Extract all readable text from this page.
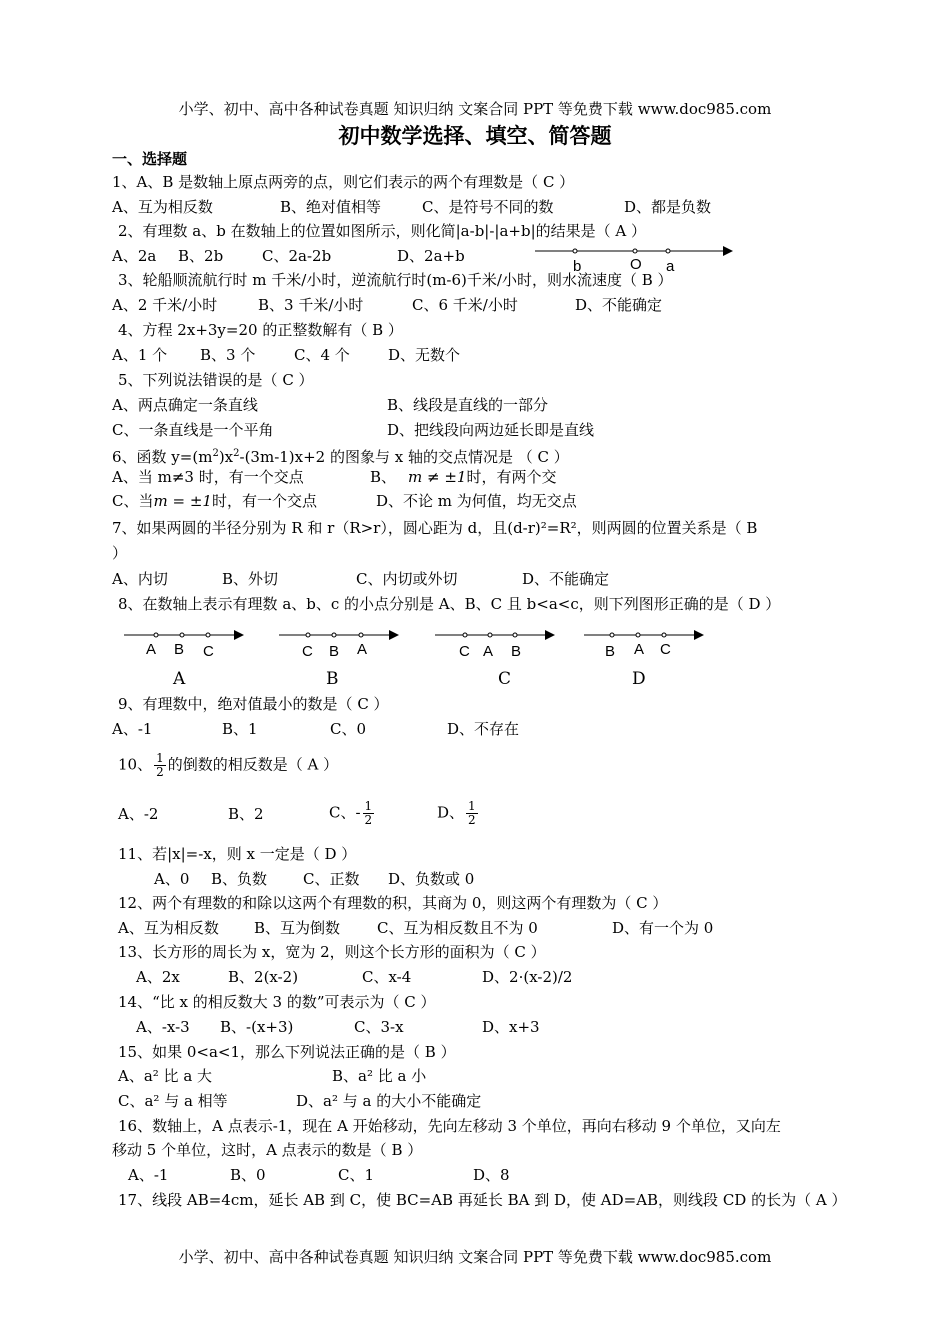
小学、初中、高中各种试卷真题 知识归纳 文案合同 PPT 等免费下载 www.doc985.com
初中数学选择、填空、简答题
一、选择题
1、A、B 是数轴上原点两旁的点，则它们表示的两个有理数是（ C ）
A、互为相反数	B、绝对值相等	C、是符号不同的数	D、都是负数
2、有理数 a、b 在数轴上的位置如图所示，则化简|a-b|-|a+b|的结果是（ A ）
A、2a B、2b	C、2a-2b	D、2a+b
b	O a
3、轮船顺流航行时 m 千米/小时，逆流航行时(m-6)千米/小时，则水流速度（ B ）
A、2 千米/小时	B、3 千米/小时	C、6 千米/小时	D、不能确定
4、方程 2x+3y=20 的正整数解有（ B ）
A、1 个 B、3 个	C、4 个	D、无数个
5、下列说法错误的是（ C ）
A、两点确定一条直线	B、线段是直线的一部分
C、一条直线是一个平角	D、把线段向两边延长即是直线
6、函数 $y=(m^2)x^2-(3m-1)x+2$ 的图象与 x 轴的交点情况是 （ C ）
A、当 m≠3 时，有一个交点	B、 m ≠ ±1时，有两个交
C、当m = ±1时，有一个交点	D、不论 m 为何值，均无交点
7、如果两圆的半径分别为 R 和 r（R>r），圆心距为 d，且(d-r)²=R²，则两圆的位置关系是（ B
）
A、内切	B、外切	C、内切或外切	D、不能确定
8、在数轴上表示有理数 a、b、c 的小点分别是 A、B、C 且 b<a<c，则下列图形正确的是（ D ）
A B C
A
C B A
B
C A B
C
B A C
D
9、有理数中，绝对值最小的数是（ C ）
A、-1	B、1	C、0	D、不存在
10、 $\frac{1}{2}$ 的倒数的相反数是（ A ）
A、-2	B、2	C、- $\frac{1}{2}$	D、 $\frac{1}{2}$
11、若|x|=-x，则 x 一定是（ D ）
A、0 B、负数 C、正数 D、负数或 0
12、两个有理数的和除以这两个有理数的积，其商为 0，则这两个有理数为（ C ）
A、互为相反数 B、互为倒数 C、互为相反数且不为 0	D、有一个为 0
13、长方形的周长为 x，宽为 2，则这个长方形的面积为（ C ）
A、2x	B、2(x-2)	C、x-4	D、2·(x-2)/2
14、“比 x 的相反数大 3 的数”可表示为（ C ）
A、-x-3 B、-(x+3)	C、3-x	D、x+3
15、如果 0<a<1，那么下列说法正确的是（ B ）
A、a² 比 a 大	B、a² 比 a 小
C、a² 与 a 相等	D、a² 与 a 的大小不能确定
16、数轴上，A 点表示-1，现在 A 开始移动，先向左移动 3 个单位，再向右移动 9 个单位，又向左
移动 5 个单位，这时，A 点表示的数是（ B ）
A、-1	B、0	C、1	D、8
17、线段 AB=4cm，延长 AB 到 C，使 BC=AB 再延长 BA 到 D，使 AD=AB，则线段 CD 的长为（ A ）
小学、初中、高中各种试卷真题 知识归纳 文案合同 PPT 等免费下载 www.doc985.com
